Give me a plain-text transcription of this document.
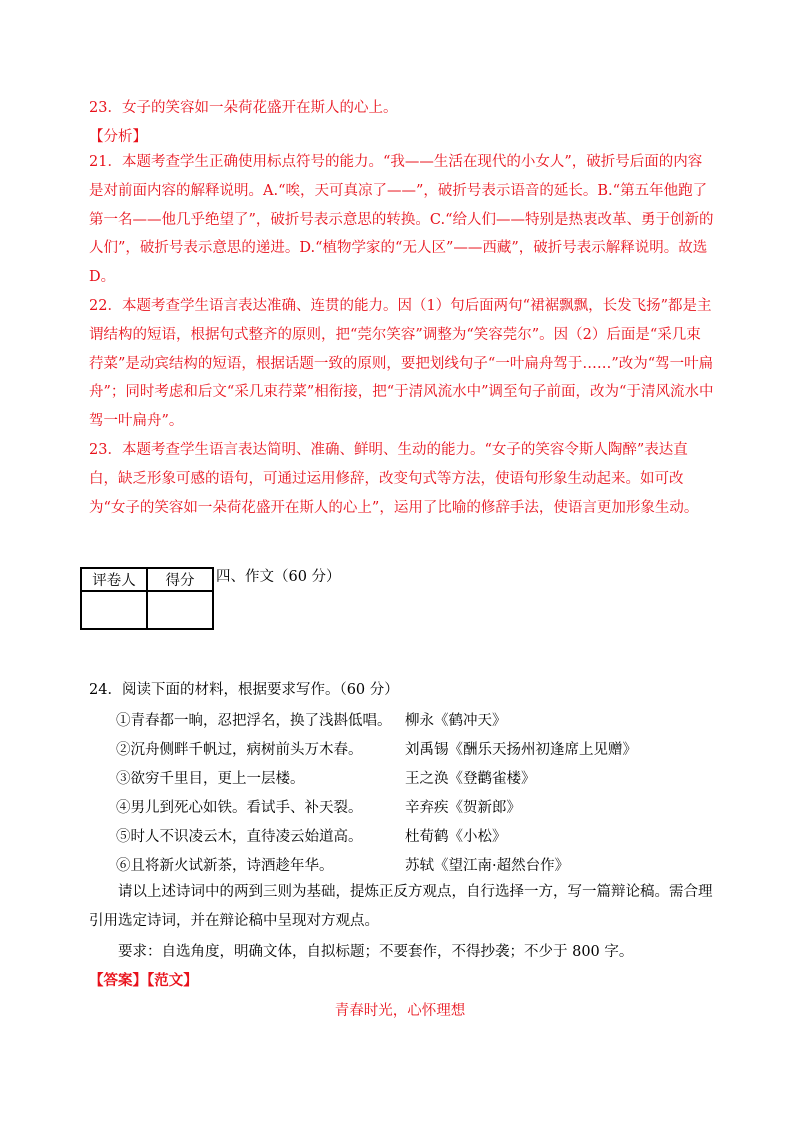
23．女子的笑容如一朵荷花盛开在斯人的心上。
【分析】
21．本题考查学生正确使用标点符号的能力。“我——生活在现代的小女人”，破折号后面的内容是对前面内容的解释说明。A.“唉，天可真凉了——”，破折号表示语音的延长。B.“第五年他跑了第一名——他几乎绝望了”，破折号表示意思的转换。C.“给人们——特别是热衷改革、勇于创新的人们”，破折号表示意思的递进。D.“植物学家的“无人区”——西藏”，破折号表示解释说明。故选 D。
22．本题考查学生语言表达准确、连贯的能力。因（1）句后面两句“裙裾飘飘，长发飞扬”都是主谓结构的短语，根据句式整齐的原则，把“莞尔笑容”调整为“笑容莞尔”。因（2）后面是“采几束荇菜”是动宾结构的短语，根据话题一致的原则，要把划线句子“一叶扁舟驾于……”改为“驾一叶扁舟”；同时考虑和后文“采几束荇菜”相衔接，把“于清风流水中”调至句子前面，改为“于清风流水中驾一叶扁舟”。
23．本题考查学生语言表达简明、准确、鲜明、生动的能力。“女子的笑容令斯人陶醉”表达直白，缺乏形象可感的语句，可通过运用修辞，改变句式等方法，使语句形象生动起来。如可改为“女子的笑容如一朵荷花盛开在斯人的心上”，运用了比喻的修辞手法，使语言更加形象生动。
评卷人	得分
	四、作文（60 分）
24．阅读下面的材料，根据要求写作。（60 分）
①青春都一晌，忍把浮名，换了浅斟低唱。 柳永《鹤冲天》
②沉舟侧畔千帆过，病树前头万木春。	刘禹锡《酬乐天扬州初逢席上见赠》
③欲穷千里目，更上一层楼。	王之涣《登鹳雀楼》
④男儿到死心如铁。看试手、补天裂。	辛弃疾《贺新郎》
⑤时人不识凌云木，直待凌云始道高。	杜荀鹤《小松》
⑥且将新火试新茶，诗酒趁年华。	苏轼《望江南·超然台作》
请以上述诗词中的两到三则为基础，提炼正反方观点，自行选择一方，写一篇辩论稿。需合理引用选定诗词，并在辩论稿中呈现对方观点。
要求：自选角度，明确文体，自拟标题；不要套作，不得抄袭；不少于 800 字。
【答案】【范文】
青春时光，心怀理想
